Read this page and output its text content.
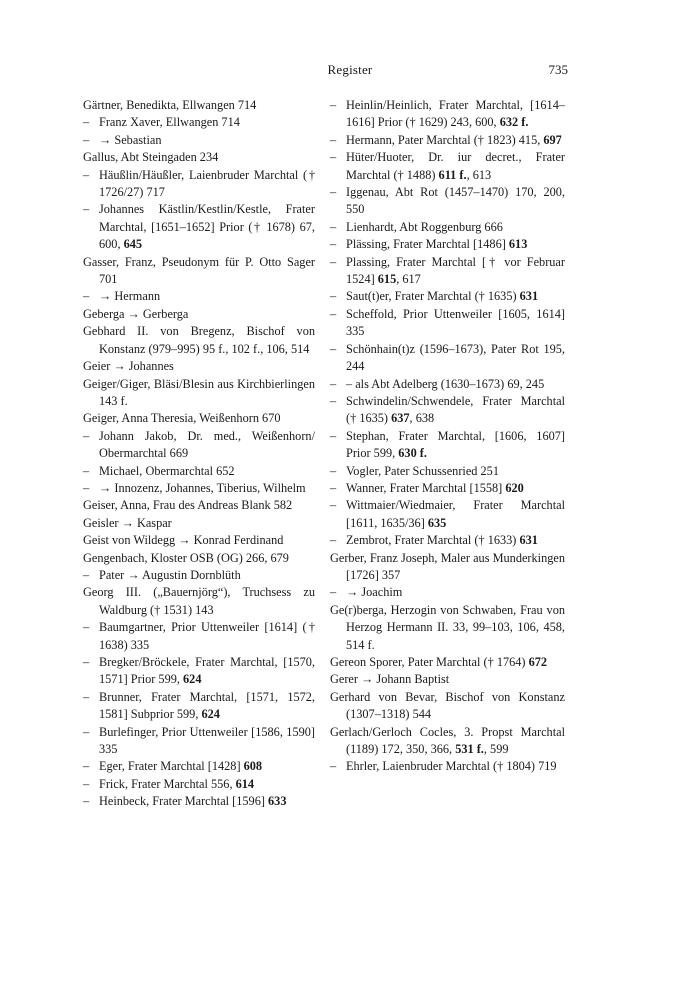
Register	735
Gärtner, Benedikta, Ellwangen 714
– Franz Xaver, Ellwangen 714
– → Sebastian
Gallus, Abt Steingaden 234
– Häußlin/Häußler, Laienbruder Marchtal († 1726/27) 717
– Johannes Kästlin/Kestlin/Kestle, Frater Marchtal, [1651–1652] Prior († 1678) 67, 600, 645
Gasser, Franz, Pseudonym für P. Otto Sager 701
– → Hermann
Geberga → Gerberga
Gebhard II. von Bregenz, Bischof von Konstanz (979–995) 95 f., 102 f., 106, 514
Geier → Johannes
Geiger/Giger, Bläsi/Blesin aus Kirchbierlingen 143 f.
Geiger, Anna Theresia, Weißenhorn 670
– Johann Jakob, Dr. med., Weißenhorn/ Obermarchtal 669
– Michael, Obermarchtal 652
– → Innozenz, Johannes, Tiberius, Wilhelm
Geiser, Anna, Frau des Andreas Blank 582
Geisler → Kaspar
Geist von Wildegg → Konrad Ferdinand
Gengenbach, Kloster OSB (OG) 266, 679
– Pater → Augustin Dornblüth
Georg III. („Bauernjörg“), Truchsess zu Waldburg († 1531) 143
– Baumgartner, Prior Uttenweiler [1614] († 1638) 335
– Bregker/Bröckele, Frater Marchtal, [1570, 1571] Prior 599, 624
– Brunner, Frater Marchtal, [1571, 1572, 1581] Subprior 599, 624
– Burlefinger, Prior Uttenweiler [1586, 1590] 335
– Eger, Frater Marchtal [1428] 608
– Frick, Frater Marchtal 556, 614
– Heinbeck, Frater Marchtal [1596] 633
– Heinlin/Heinlich, Frater Marchtal, [1614–1616] Prior († 1629) 243, 600, 632 f.
– Hermann, Pater Marchtal († 1823) 415, 697
– Hüter/Huoter, Dr. iur decret., Frater Marchtal († 1488) 611 f., 613
– Iggenau, Abt Rot (1457–1470) 170, 200, 550
– Lienhardt, Abt Roggenburg 666
– Plässing, Frater Marchtal [1486] 613
– Plassing, Frater Marchtal [† vor Februar 1524] 615, 617
– Saut(t)er, Frater Marchtal († 1635) 631
– Scheffold, Prior Uttenweiler [1605, 1614] 335
– Schönhain(t)z (1596–1673), Pater Rot 195, 244
– – als Abt Adelberg (1630–1673) 69, 245
– Schwindelin/Schwendele, Frater Marchtal († 1635) 637, 638
– Stephan, Frater Marchtal, [1606, 1607] Prior 599, 630 f.
– Vogler, Pater Schussenried 251
– Wanner, Frater Marchtal [1558] 620
– Wittmaier/Wiedmaier, Frater Marchtal [1611, 1635/36] 635
– Zembrot, Frater Marchtal († 1633) 631
Gerber, Franz Joseph, Maler aus Munderkingen [1726] 357
– → Joachim
Ge(r)berga, Herzogin von Schwaben, Frau von Herzog Hermann II. 33, 99–103, 106, 458, 514 f.
Gereon Sporer, Pater Marchtal († 1764) 672
Gerer → Johann Baptist
Gerhard von Bevar, Bischof von Konstanz (1307–1318) 544
Gerlach/Gerloch Cocles, 3. Propst Marchtal (1189) 172, 350, 366, 531 f., 599
– Ehrler, Laienbruder Marchtal († 1804) 719
